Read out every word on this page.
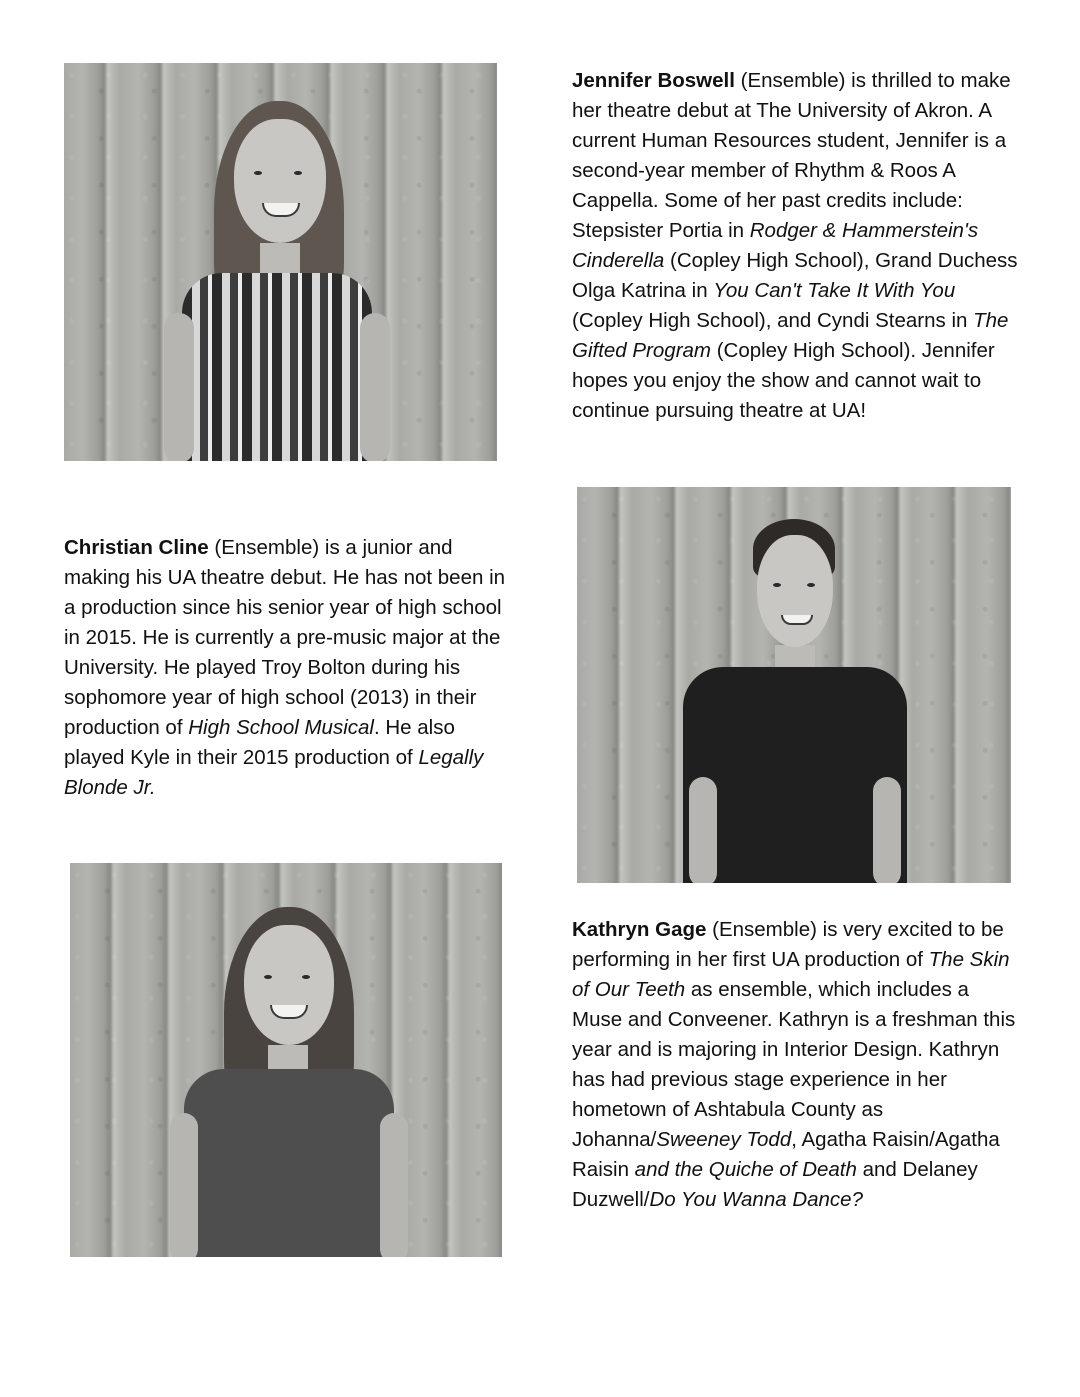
Jennifer Boswell (Ensemble) is thrilled to make her theatre debut at The University of Akron. A current Human Resources student, Jennifer is a second-year member of Rhythm & Roos A Cappella. Some of her past credits include: Stepsister Portia in Rodger & Hammerstein's Cinderella (Copley High School), Grand Duchess Olga Katrina in You Can't Take It With You (Copley High School), and Cyndi Stearns in The Gifted Program (Copley High School). Jennifer hopes you enjoy the show and cannot wait to continue pursuing theatre at UA!

Christian Cline (Ensemble) is a junior and making his UA theatre debut. He has not been in a production since his senior year of high school in 2015. He is currently a pre-music major at the University. He played Troy Bolton during his sophomore year of high school (2013) in their production of High School Musical. He also played Kyle in their 2015 production of Legally Blonde Jr.

Kathryn Gage (Ensemble) is very excited to be performing in her first UA production of The Skin of Our Teeth as ensemble, which includes a Muse and Conveener. Kathryn is a freshman this year and is majoring in Interior Design. Kathryn has had previous stage experience in her hometown of Ashtabula County as Johanna/Sweeney Todd, Agatha Raisin/Agatha Raisin and the Quiche of Death and Delaney Duzwell/Do You Wanna Dance?
